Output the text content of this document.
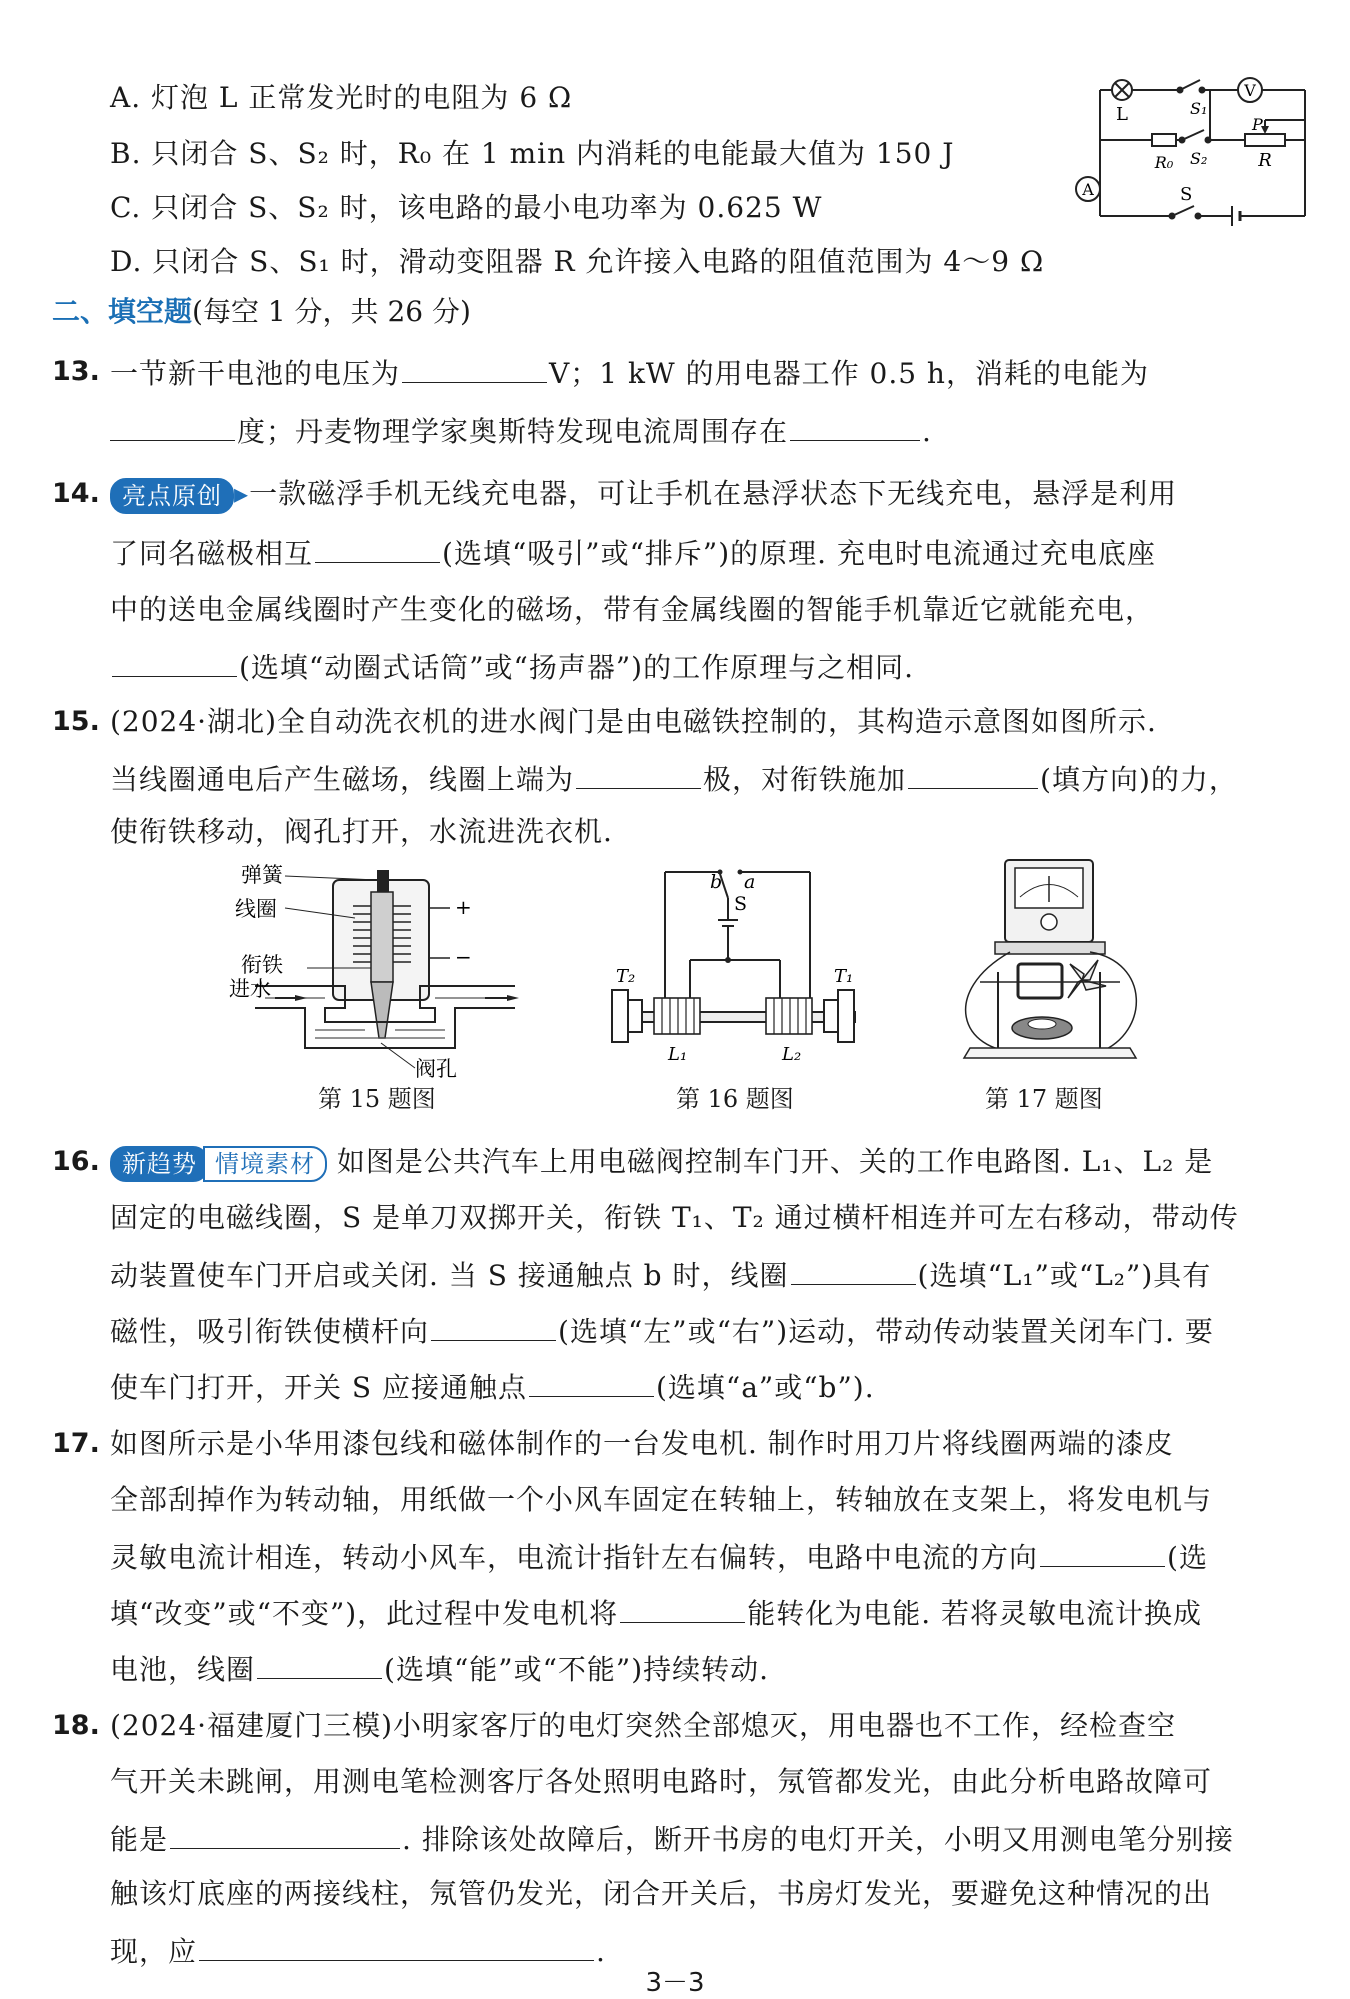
A. 灯泡 L 正常发光时的电阻为 6 Ω
B. 只闭合 S、S₂ 时，R₀ 在 1 min 内消耗的电能最大值为 150 J
C. 只闭合 S、S₂ 时，该电路的最小电功率为 0.625 W
D. 只闭合 S、S₁ 时，滑动变阻器 R 允许接入电路的阻值范围为 4～9 Ω
V
A
L	S₁
R₀ S₂	R
P
S
二、填空题(每空 1 分，共 26 分)
13. 一节新干电池的电压为	V；1 kW 的用电器工作 0.5 h，消耗的电能为
度；丹麦物理学家奥斯特发现电流周围存在	.
14. 亮点原创 ▸一款磁浮手机无线充电器，可让手机在悬浮状态下无线充电，悬浮是利用
了同名磁极相互	(选填“吸引”或“排斥”)的原理. 充电时电流通过充电底座
中的送电金属线圈时产生变化的磁场，带有金属线圈的智能手机靠近它就能充电，
(选填“动圈式话筒”或“扬声器”)的工作原理与之相同.
15. (2024·湖北)全自动洗衣机的进水阀门是由电磁铁控制的，其构造示意图如图所示.
当线圈通电后产生磁场，线圈上端为	极，对衔铁施加	(填方向)的力，
使衔铁移动，阀孔打开，水流进洗衣机.
+
−
弹簧
线圈
衔铁
进水
阀孔
第 15 题图
b a
S
T₂	T₁
L₁	L₂
第 16 题图	第 17 题图
16. 新趋势 情境素材 如图是公共汽车上用电磁阀控制车门开、关的工作电路图. L₁、L₂ 是
固定的电磁线圈，S 是单刀双掷开关，衔铁 T₁、T₂ 通过横杆相连并可左右移动，带动传
动装置使车门开启或关闭. 当 S 接通触点 b 时，线圈	(选填“L₁”或“L₂”)具有
磁性，吸引衔铁使横杆向	(选填“左”或“右”)运动，带动传动装置关闭车门. 要
使车门打开，开关 S 应接通触点	(选填“a”或“b”).
17. 如图所示是小华用漆包线和磁体制作的一台发电机. 制作时用刀片将线圈两端的漆皮
全部刮掉作为转动轴，用纸做一个小风车固定在转轴上，转轴放在支架上，将发电机与
灵敏电流计相连，转动小风车，电流计指针左右偏转，电路中电流的方向	(选
填“改变”或“不变”)，此过程中发电机将	能转化为电能. 若将灵敏电流计换成
电池，线圈	(选填“能”或“不能”)持续转动.
18. (2024·福建厦门三模)小明家客厅的电灯突然全部熄灭，用电器也不工作，经检查空
气开关未跳闸，用测电笔检测客厅各处照明电路时，氖管都发光，由此分析电路故障可
能是	. 排除该处故障后，断开书房的电灯开关，小明又用测电笔分别接
触该灯底座的两接线柱，氖管仍发光，闭合开关后，书房灯发光，要避免这种情况的出
现，应	.
3－3
